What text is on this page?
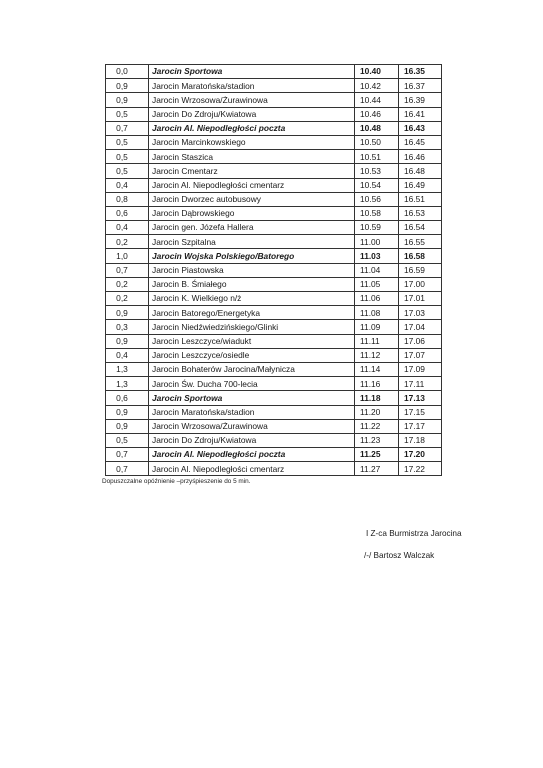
0,0	Jarocin Sportowa	10.40	16.35
0,9	Jarocin Maratońska/stadion	10.42	16.37
0,9	Jarocin Wrzosowa/Żurawinowa	10.44	16.39
0,5	Jarocin Do Zdroju/Kwiatowa	10.46	16.41
0,7	Jarocin Al. Niepodległości poczta	10.48	16.43
0,5	Jarocin Marcinkowskiego	10.50	16.45
0,5	Jarocin Staszica	10.51	16.46
0,5	Jarocin Cmentarz	10.53	16.48
0,4	Jarocin Al. Niepodległości cmentarz	10.54	16.49
0,8	Jarocin Dworzec autobusowy	10.56	16.51
0,6	Jarocin Dąbrowskiego	10.58	16.53
0,4	Jarocin gen. Józefa Hallera	10.59	16.54
0,2	Jarocin Szpitalna	11.00	16.55
1,0	Jarocin Wojska Polskiego/Batorego	11.03	16.58
0,7	Jarocin Piastowska	11.04	16.59
0,2	Jarocin B. Śmiałego	11.05	17.00
0,2	Jarocin K. Wielkiego n/ż	11.06	17.01
0,9	Jarocin Batorego/Energetyka	11.08	17.03
0,3	Jarocin Niedźwiedzińskiego/Glinki	11.09	17.04
0,9	Jarocin Leszczyce/wiadukt	11.11	17.06
0,4	Jarocin Leszczyce/osiedle	11.12	17.07
1,3	Jarocin Bohaterów Jarocina/Małynicza	11.14	17.09
1,3	Jarocin Św. Ducha 700-lecia	11.16	17.11
0,6	Jarocin Sportowa	11.18	17.13
0,9	Jarocin Maratońska/stadion	11.20	17.15
0,9	Jarocin Wrzosowa/Żurawinowa	11.22	17.17
0,5	Jarocin Do Zdroju/Kwiatowa	11.23	17.18
0,7	Jarocin Al. Niepodległości poczta	11.25	17.20
0,7	Jarocin Al. Niepodległości cmentarz	11.27	17.22
Dopuszczalne opóźnienie –przyśpieszenie do 5 min.
I Z-ca Burmistrza Jarocina
/-/ Bartosz Walczak
